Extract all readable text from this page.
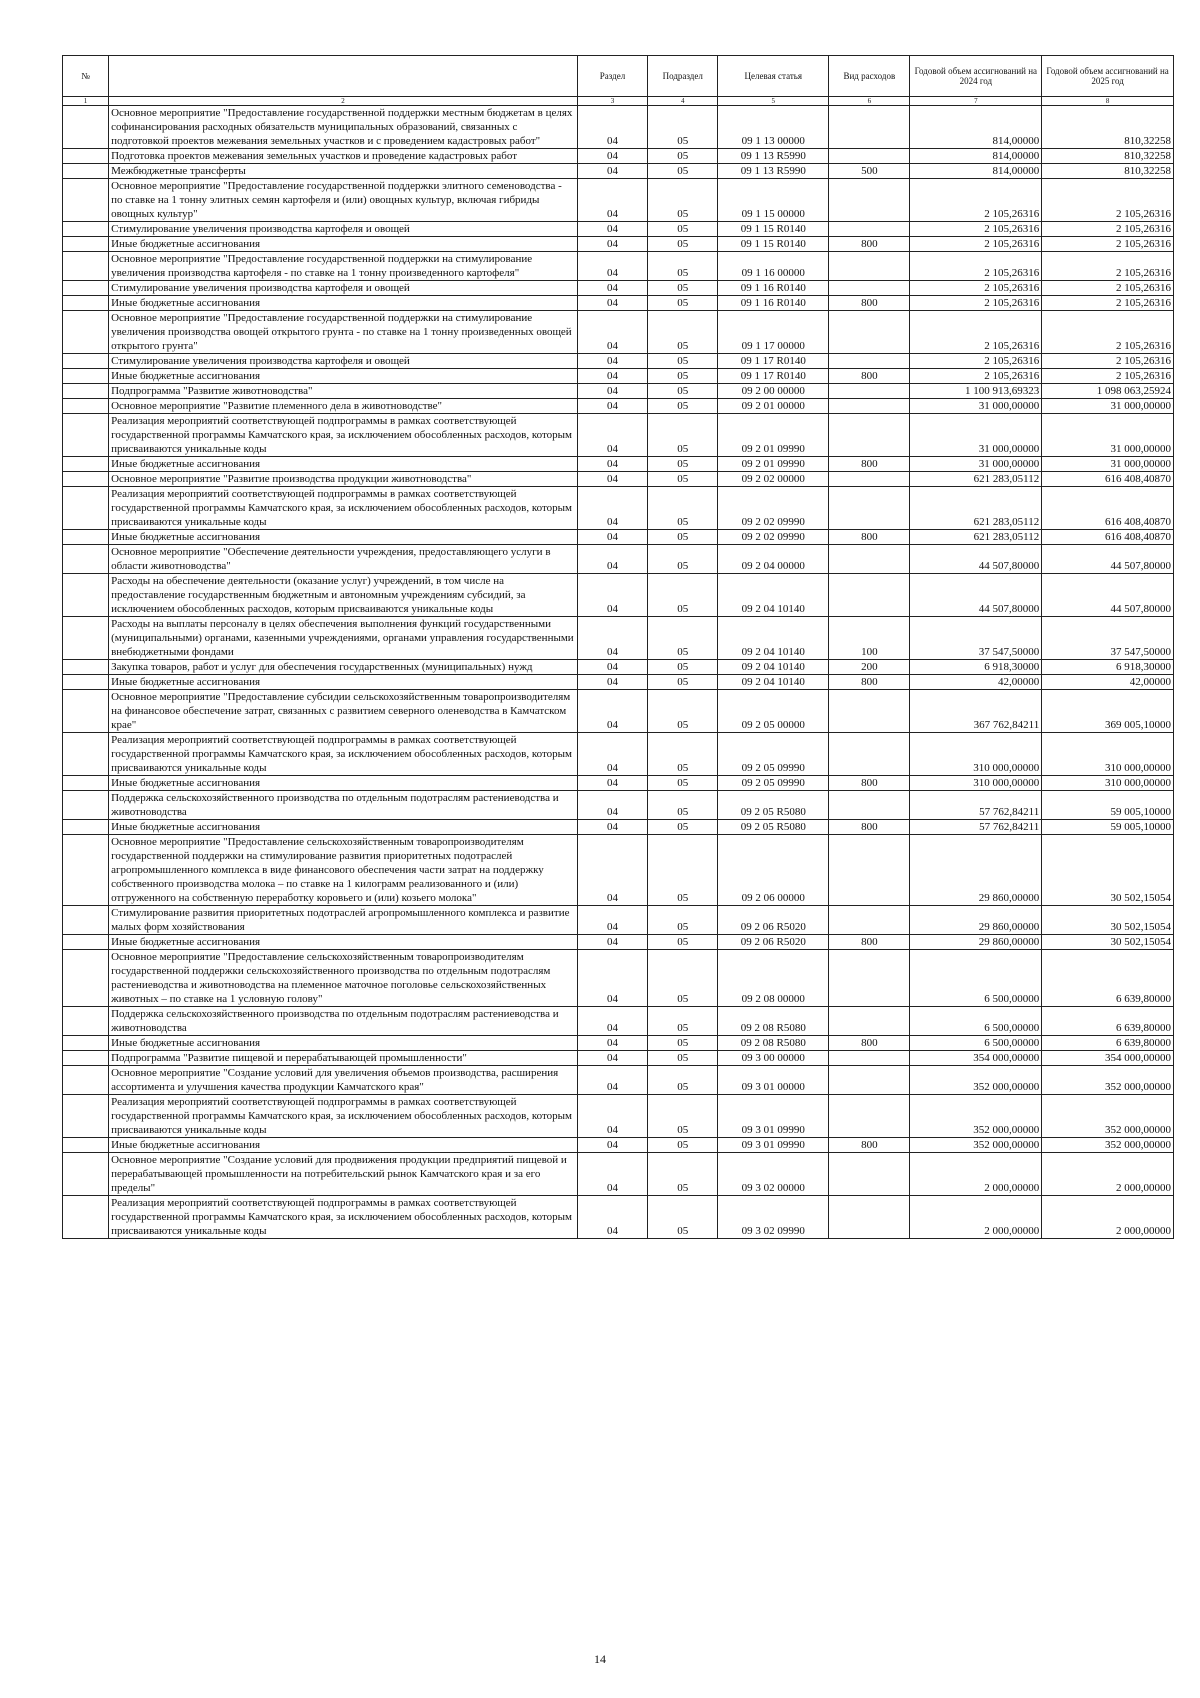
№		Раздел	Подраздел	Целевая статья	Вид расходов	Годовой объем ассигнований на 2024 год	Годовой объем ассигнований на 2025 год
1	2	3	4	5	6	7	8
	Основное мероприятие "Предоставление государственной поддержки местным бюджетам в целях софинансирования расходных обязательств муниципальных образований, связанных с подготовкой проектов межевания земельных участков и с проведением кадастровых работ"	04	05	09 1 13 00000		814,00000	810,32258
	Подготовка проектов межевания земельных участков и проведение кадастровых работ	04	05	09 1 13 R5990		814,00000	810,32258
	Межбюджетные трансферты	04	05	09 1 13 R5990	500	814,00000	810,32258
	Основное мероприятие "Предоставление государственной поддержки элитного семеноводства - по ставке на 1 тонну элитных семян картофеля и (или) овощных культур, включая гибриды овощных культур"	04	05	09 1 15 00000		2 105,26316	2 105,26316
	Стимулирование увеличения производства картофеля и овощей	04	05	09 1 15 R0140		2 105,26316	2 105,26316
	Иные бюджетные ассигнования	04	05	09 1 15 R0140	800	2 105,26316	2 105,26316
	Основное мероприятие "Предоставление государственной поддержки на стимулирование увеличения производства картофеля - по ставке на 1 тонну произведенного картофеля"	04	05	09 1 16 00000		2 105,26316	2 105,26316
	Стимулирование увеличения производства картофеля и овощей	04	05	09 1 16 R0140		2 105,26316	2 105,26316
	Иные бюджетные ассигнования	04	05	09 1 16 R0140	800	2 105,26316	2 105,26316
	Основное мероприятие "Предоставление государственной поддержки на стимулирование увеличения производства овощей открытого грунта - по ставке на 1 тонну произведенных овощей открытого грунта"	04	05	09 1 17 00000		2 105,26316	2 105,26316
	Стимулирование увеличения производства картофеля и овощей	04	05	09 1 17 R0140		2 105,26316	2 105,26316
	Иные бюджетные ассигнования	04	05	09 1 17 R0140	800	2 105,26316	2 105,26316
	Подпрограмма "Развитие животноводства"	04	05	09 2 00 00000		1 100 913,69323	1 098 063,25924
	Основное мероприятие "Развитие племенного дела в животноводстве"	04	05	09 2 01 00000		31 000,00000	31 000,00000
	Реализация мероприятий соответствующей подпрограммы в рамках соответствующей государственной программы Камчатского края, за исключением обособленных расходов, которым присваиваются уникальные коды	04	05	09 2 01 09990		31 000,00000	31 000,00000
	Иные бюджетные ассигнования	04	05	09 2 01 09990	800	31 000,00000	31 000,00000
	Основное мероприятие "Развитие производства продукции животноводства"	04	05	09 2 02 00000		621 283,05112	616 408,40870
	Реализация мероприятий соответствующей подпрограммы в рамках соответствующей государственной программы Камчатского края, за исключением обособленных расходов, которым присваиваются уникальные коды	04	05	09 2 02 09990		621 283,05112	616 408,40870
	Иные бюджетные ассигнования	04	05	09 2 02 09990	800	621 283,05112	616 408,40870
	Основное мероприятие "Обеспечение деятельности учреждения, предоставляющего услуги в области животноводства"	04	05	09 2 04 00000		44 507,80000	44 507,80000
	Расходы на обеспечение деятельности (оказание услуг) учреждений, в том числе на предоставление государственным бюджетным и автономным учреждениям субсидий, за исключением обособленных расходов, которым присваиваются уникальные коды	04	05	09 2 04 10140		44 507,80000	44 507,80000
	Расходы на выплаты персоналу в целях обеспечения выполнения функций государственными (муниципальными) органами, казенными учреждениями, органами управления государственными внебюджетными фондами	04	05	09 2 04 10140	100	37 547,50000	37 547,50000
	Закупка товаров, работ и услуг для обеспечения государственных (муниципальных) нужд	04	05	09 2 04 10140	200	6 918,30000	6 918,30000
	Иные бюджетные ассигнования	04	05	09 2 04 10140	800	42,00000	42,00000
	Основное мероприятие "Предоставление субсидии сельскохозяйственным товаропроизводителям на финансовое обеспечение затрат, связанных с развитием северного оленеводства в Камчатском крае"	04	05	09 2 05 00000		367 762,84211	369 005,10000
	Реализация мероприятий соответствующей подпрограммы в рамках соответствующей государственной программы Камчатского края, за исключением обособленных расходов, которым присваиваются уникальные коды	04	05	09 2 05 09990		310 000,00000	310 000,00000
	Иные бюджетные ассигнования	04	05	09 2 05 09990	800	310 000,00000	310 000,00000
	Поддержка сельскохозяйственного производства по отдельным подотраслям растениеводства и животноводства	04	05	09 2 05 R5080		57 762,84211	59 005,10000
	Иные бюджетные ассигнования	04	05	09 2 05 R5080	800	57 762,84211	59 005,10000
	Основное мероприятие "Предоставление сельскохозяйственным товаропроизводителям государственной поддержки на стимулирование развития приоритетных подотраслей агропромышленного комплекса в виде финансового обеспечения части затрат на поддержку собственного производства молока – по ставке на 1 килограмм реализованного и (или) отгруженного на собственную переработку коровьего и (или) козьего молока"	04	05	09 2 06 00000		29 860,00000	30 502,15054
	Стимулирование развития приоритетных подотраслей агропромышленного комплекса и развитие малых форм хозяйствования	04	05	09 2 06 R5020		29 860,00000	30 502,15054
	Иные бюджетные ассигнования	04	05	09 2 06 R5020	800	29 860,00000	30 502,15054
	Основное мероприятие "Предоставление сельскохозяйственным товаропроизводителям государственной поддержки сельскохозяйственного производства по отдельным подотраслям растениеводства и животноводства на племенное маточное поголовье сельскохозяйственных животных – по ставке на 1 условную голову"	04	05	09 2 08 00000		6 500,00000	6 639,80000
	Поддержка сельскохозяйственного производства по отдельным подотраслям растениеводства и животноводства	04	05	09 2 08 R5080		6 500,00000	6 639,80000
	Иные бюджетные ассигнования	04	05	09 2 08 R5080	800	6 500,00000	6 639,80000
	Подпрограмма "Развитие пищевой и перерабатывающей промышленности"	04	05	09 3 00 00000		354 000,00000	354 000,00000
	Основное мероприятие "Создание условий для увеличения объемов производства, расширения ассортимента и улучшения качества продукции Камчатского края"	04	05	09 3 01 00000		352 000,00000	352 000,00000
	Реализация мероприятий соответствующей подпрограммы в рамках соответствующей государственной программы Камчатского края, за исключением обособленных расходов, которым присваиваются уникальные коды	04	05	09 3 01 09990		352 000,00000	352 000,00000
	Иные бюджетные ассигнования	04	05	09 3 01 09990	800	352 000,00000	352 000,00000
	Основное мероприятие "Создание условий для продвижения продукции предприятий пищевой и перерабатывающей промышленности на потребительский рынок Камчатского края и за его пределы"	04	05	09 3 02 00000		2 000,00000	2 000,00000
	Реализация мероприятий соответствующей подпрограммы в рамках соответствующей государственной программы Камчатского края, за исключением обособленных расходов, которым присваиваются уникальные коды	04	05	09 3 02 09990		2 000,00000	2 000,00000
14
